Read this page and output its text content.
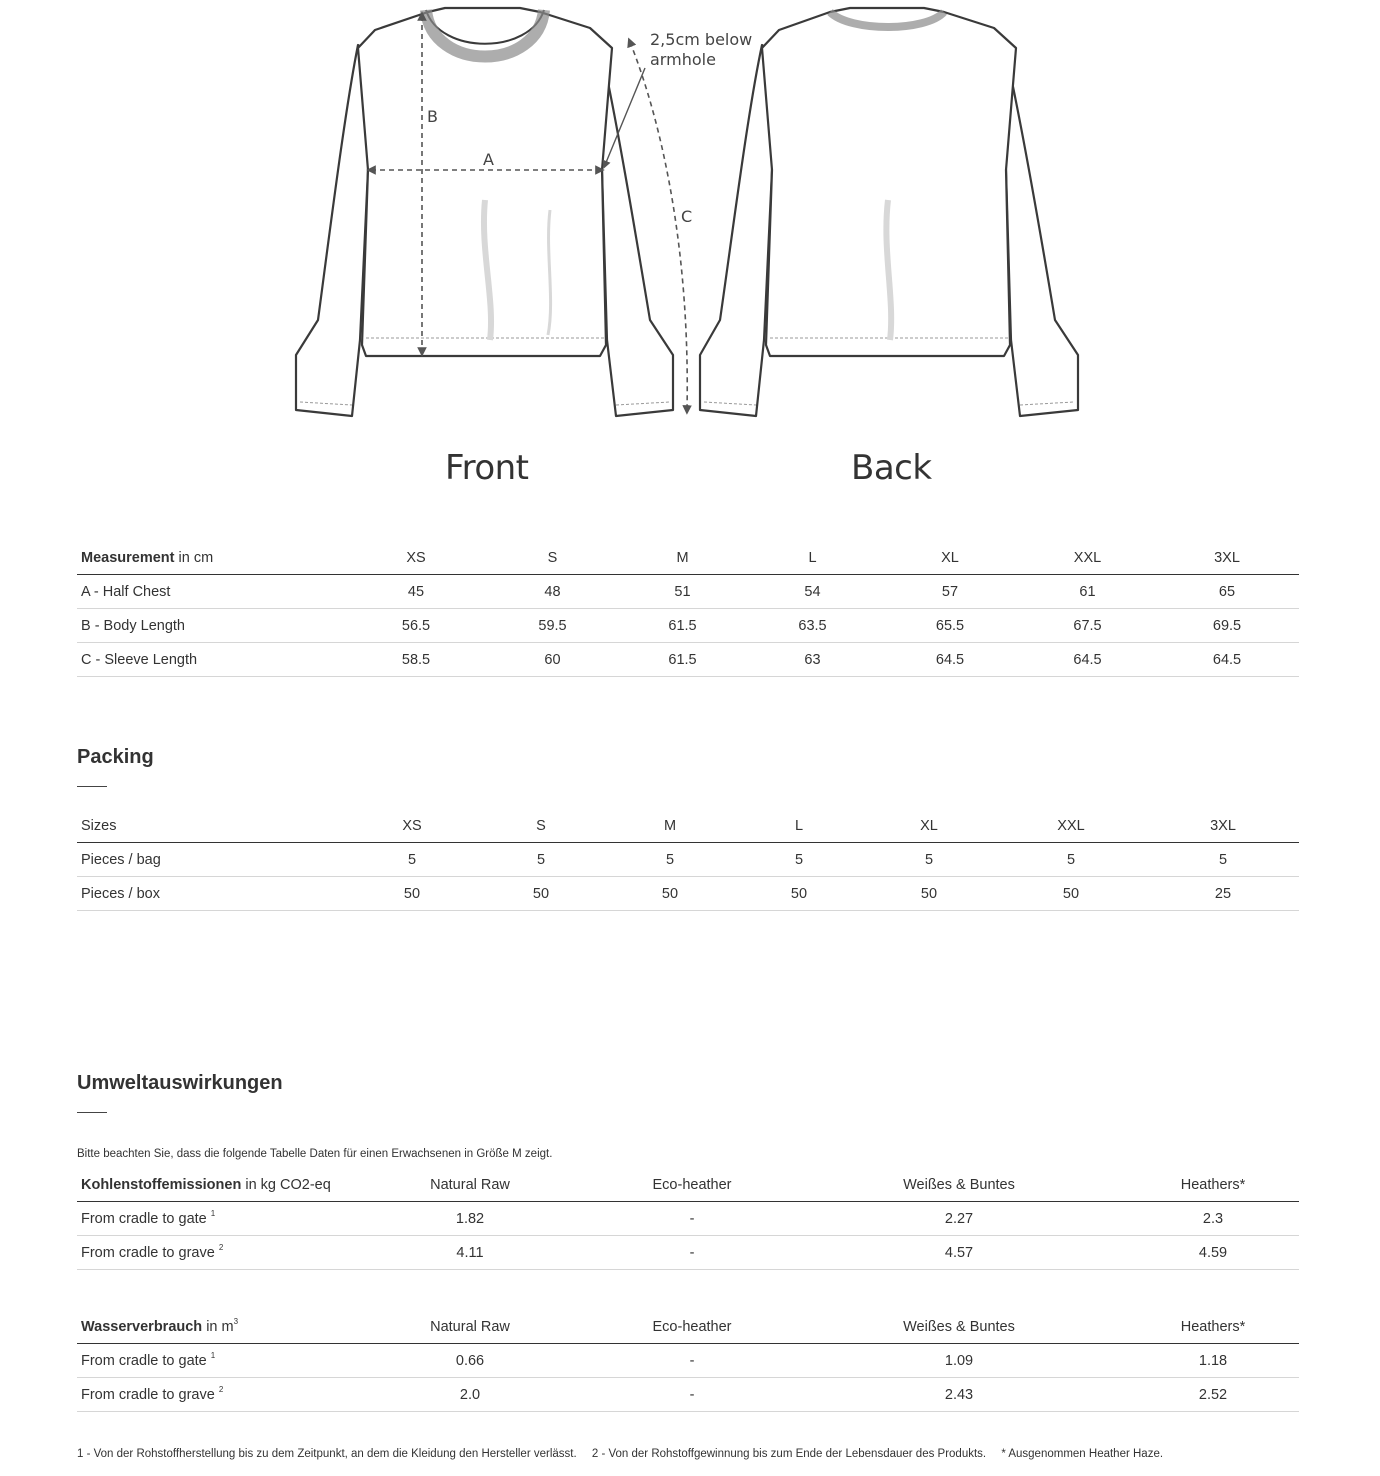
B
A
C
2,5cm below
armhole
Front	Back
Measurement in cm	XS	S	M	L	XL	XXL	3XL
A - Half Chest	45	48	51	54	57	61	65
B - Body Length	56.5	59.5	61.5	63.5	65.5	67.5	69.5
C - Sleeve Length	58.5	60	61.5	63	64.5	64.5	64.5
Packing
Sizes	XS	S	M	L	XL	XXL	3XL
Pieces / bag	5	5	5	5	5	5	5
Pieces / box	50	50	50	50	50	50	25
Umweltauswirkungen
Bitte beachten Sie, dass die folgende Tabelle Daten für einen Erwachsenen in Größe M zeigt.
Kohlenstoffemissionen in kg CO2-eq	Natural Raw	Eco-heather	Weißes & Buntes	Heathers*
From cradle to gate $^1$	1.82	-	2.27	2.3
From cradle to grave $^2$	4.11	-	4.57	4.59
Wasserverbrauch in $m^3$	Natural Raw	Eco-heather	Weißes & Buntes	Heathers*
From cradle to gate $^1$	0.66	-	1.09	1.18
From cradle to grave $^2$	2.0	-	2.43	2.52
1 - Von der Rohstoffherstellung bis zu dem Zeitpunkt, an dem die Kleidung den Hersteller verlässt. 2 - Von der Rohstoffgewinnung bis zum Ende der Lebensdauer des Produkts. * Ausgenommen Heather Haze.
